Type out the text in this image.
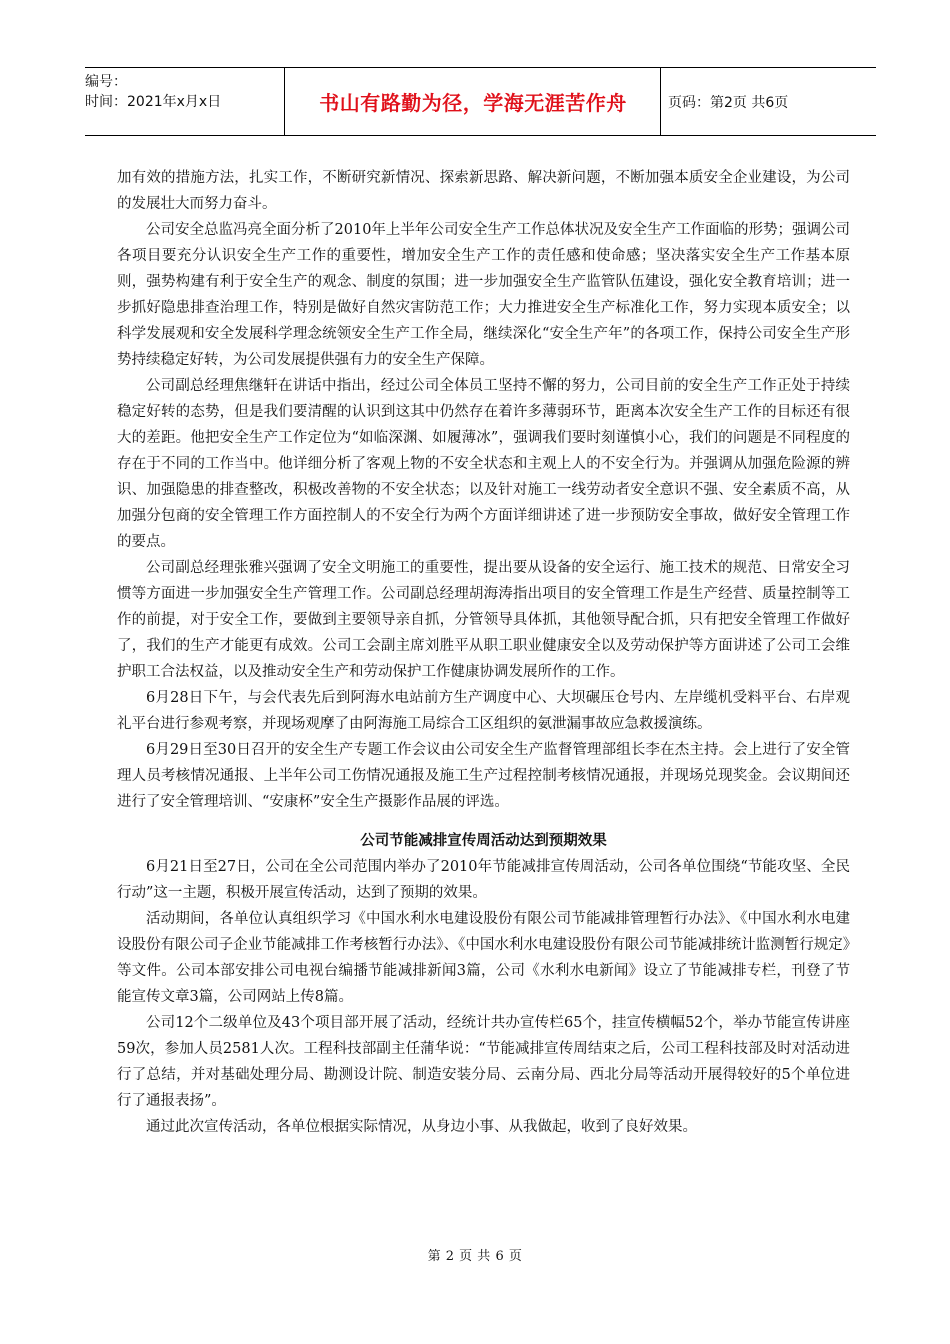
编号：
时间：2021年x月x日	书山有路勤为径，学海无涯苦作舟	页码：第2页 共6页

加有效的措施方法，扎实工作，不断研究新情况、探索新思路、解决新问题，不断加强本质安全企业建设，为公司的发展壮大而努力奋斗。

公司安全总监冯亮全面分析了2010年上半年公司安全生产工作总体状况及安全生产工作面临的形势；强调公司各项目要充分认识安全生产工作的重要性，增加安全生产工作的责任感和使命感；坚决落实安全生产工作基本原则，强势构建有利于安全生产的观念、制度的氛围；进一步加强安全生产监管队伍建设，强化安全教育培训；进一步抓好隐患排查治理工作，特别是做好自然灾害防范工作；大力推进安全生产标准化工作，努力实现本质安全；以科学发展观和安全发展科学理念统领安全生产工作全局，继续深化“安全生产年”的各项工作，保持公司安全生产形势持续稳定好转，为公司发展提供强有力的安全生产保障。

公司副总经理焦继轩在讲话中指出，经过公司全体员工坚持不懈的努力，公司目前的安全生产工作正处于持续稳定好转的态势，但是我们要清醒的认识到这其中仍然存在着许多薄弱环节，距离本次安全生产工作的目标还有很大的差距。他把安全生产工作定位为“如临深渊、如履薄冰”，强调我们要时刻谨慎小心，我们的问题是不同程度的存在于不同的工作当中。他详细分析了客观上物的不安全状态和主观上人的不安全行为。并强调从加强危险源的辨识、加强隐患的排查整改，积极改善物的不安全状态；以及针对施工一线劳动者安全意识不强、安全素质不高，从加强分包商的安全管理工作方面控制人的不安全行为两个方面详细讲述了进一步预防安全事故，做好安全管理工作的要点。

公司副总经理张雅兴强调了安全文明施工的重要性，提出要从设备的安全运行、施工技术的规范、日常安全习惯等方面进一步加强安全生产管理工作。公司副总经理胡海涛指出项目的安全管理工作是生产经营、质量控制等工作的前提，对于安全工作，要做到主要领导亲自抓，分管领导具体抓，其他领导配合抓，只有把安全管理工作做好了，我们的生产才能更有成效。公司工会副主席刘胜平从职工职业健康安全以及劳动保护等方面讲述了公司工会维护职工合法权益，以及推动安全生产和劳动保护工作健康协调发展所作的工作。

6月28日下午，与会代表先后到阿海水电站前方生产调度中心、大坝碾压仓号内、左岸缆机受料平台、右岸观礼平台进行参观考察，并现场观摩了由阿海施工局综合工区组织的氨泄漏事故应急救援演练。

6月29日至30日召开的安全生产专题工作会议由公司安全生产监督管理部组长李在杰主持。会上进行了安全管理人员考核情况通报、上半年公司工伤情况通报及施工生产过程控制考核情况通报，并现场兑现奖金。会议期间还进行了安全管理培训、“安康杯”安全生产摄影作品展的评选。

公司节能减排宣传周活动达到预期效果

6月21日至27日，公司在全公司范围内举办了2010年节能减排宣传周活动，公司各单位围绕“节能攻坚、全民行动”这一主题，积极开展宣传活动，达到了预期的效果。

活动期间，各单位认真组织学习《中国水利水电建设股份有限公司节能减排管理暂行办法》、《中国水利水电建设股份有限公司子企业节能减排工作考核暂行办法》、《中国水利水电建设股份有限公司节能减排统计监测暂行规定》等文件。公司本部安排公司电视台编播节能减排新闻3篇，公司《水利水电新闻》设立了节能减排专栏，刊登了节能宣传文章3篇，公司网站上传8篇。

公司12个二级单位及43个项目部开展了活动，经统计共办宣传栏65个，挂宣传横幅52个，举办节能宣传讲座59次，参加人员2581人次。工程科技部副主任蒲华说：“节能减排宣传周结束之后，公司工程科技部及时对活动进行了总结，并对基础处理分局、勘测设计院、制造安装分局、云南分局、西北分局等活动开展得较好的5个单位进行了通报表扬”。

通过此次宣传活动，各单位根据实际情况，从身边小事、从我做起，收到了良好效果。

第 2 页 共 6 页
